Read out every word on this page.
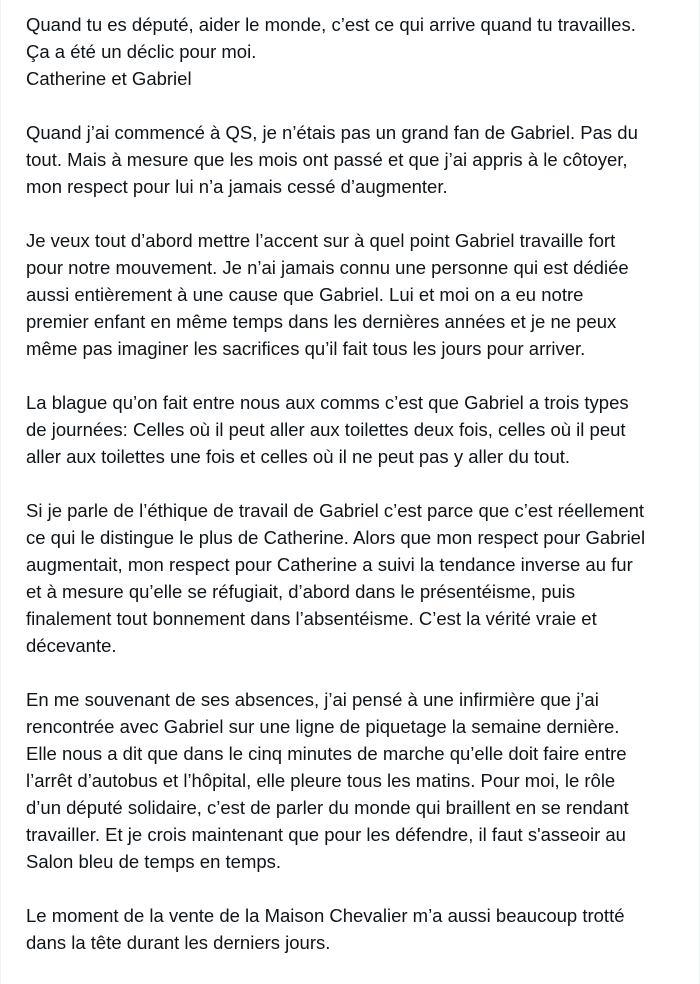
Quand tu es député, aider le monde, c’est ce qui arrive quand tu travailles.
Ça a été un déclic pour moi.
Catherine et Gabriel

Quand j’ai commencé à QS, je n’étais pas un grand fan de Gabriel. Pas du
tout. Mais à mesure que les mois ont passé et que j’ai appris à le côtoyer,
mon respect pour lui n’a jamais cessé d’augmenter.

Je veux tout d’abord mettre l’accent sur à quel point Gabriel travaille fort
pour notre mouvement. Je n’ai jamais connu une personne qui est dédiée
aussi entièrement à une cause que Gabriel. Lui et moi on a eu notre
premier enfant en même temps dans les dernières années et je ne peux
même pas imaginer les sacrifices qu’il fait tous les jours pour arriver.

La blague qu’on fait entre nous aux comms c’est que Gabriel a trois types
de journées: Celles où il peut aller aux toilettes deux fois, celles où il peut
aller aux toilettes une fois et celles où il ne peut pas y aller du tout.

Si je parle de l’éthique de travail de Gabriel c’est parce que c’est réellement
ce qui le distingue le plus de Catherine. Alors que mon respect pour Gabriel
augmentait, mon respect pour Catherine a suivi la tendance inverse au fur
et à mesure qu’elle se réfugiait, d’abord dans le présentéisme, puis
finalement tout bonnement dans l’absentéisme. C’est la vérité vraie et
décevante.

En me souvenant de ses absences, j’ai pensé à une infirmière que j’ai
rencontrée avec Gabriel sur une ligne de piquetage la semaine dernière.
Elle nous a dit que dans le cinq minutes de marche qu’elle doit faire entre
l’arrêt d’autobus et l’hôpital, elle pleure tous les matins. Pour moi, le rôle
d’un député solidaire, c’est de parler du monde qui braillent en se rendant
travailler. Et je crois maintenant que pour les défendre, il faut s'asseoir au
Salon bleu de temps en temps.

Le moment de la vente de la Maison Chevalier m’a aussi beaucoup trotté
dans la tête durant les derniers jours.
